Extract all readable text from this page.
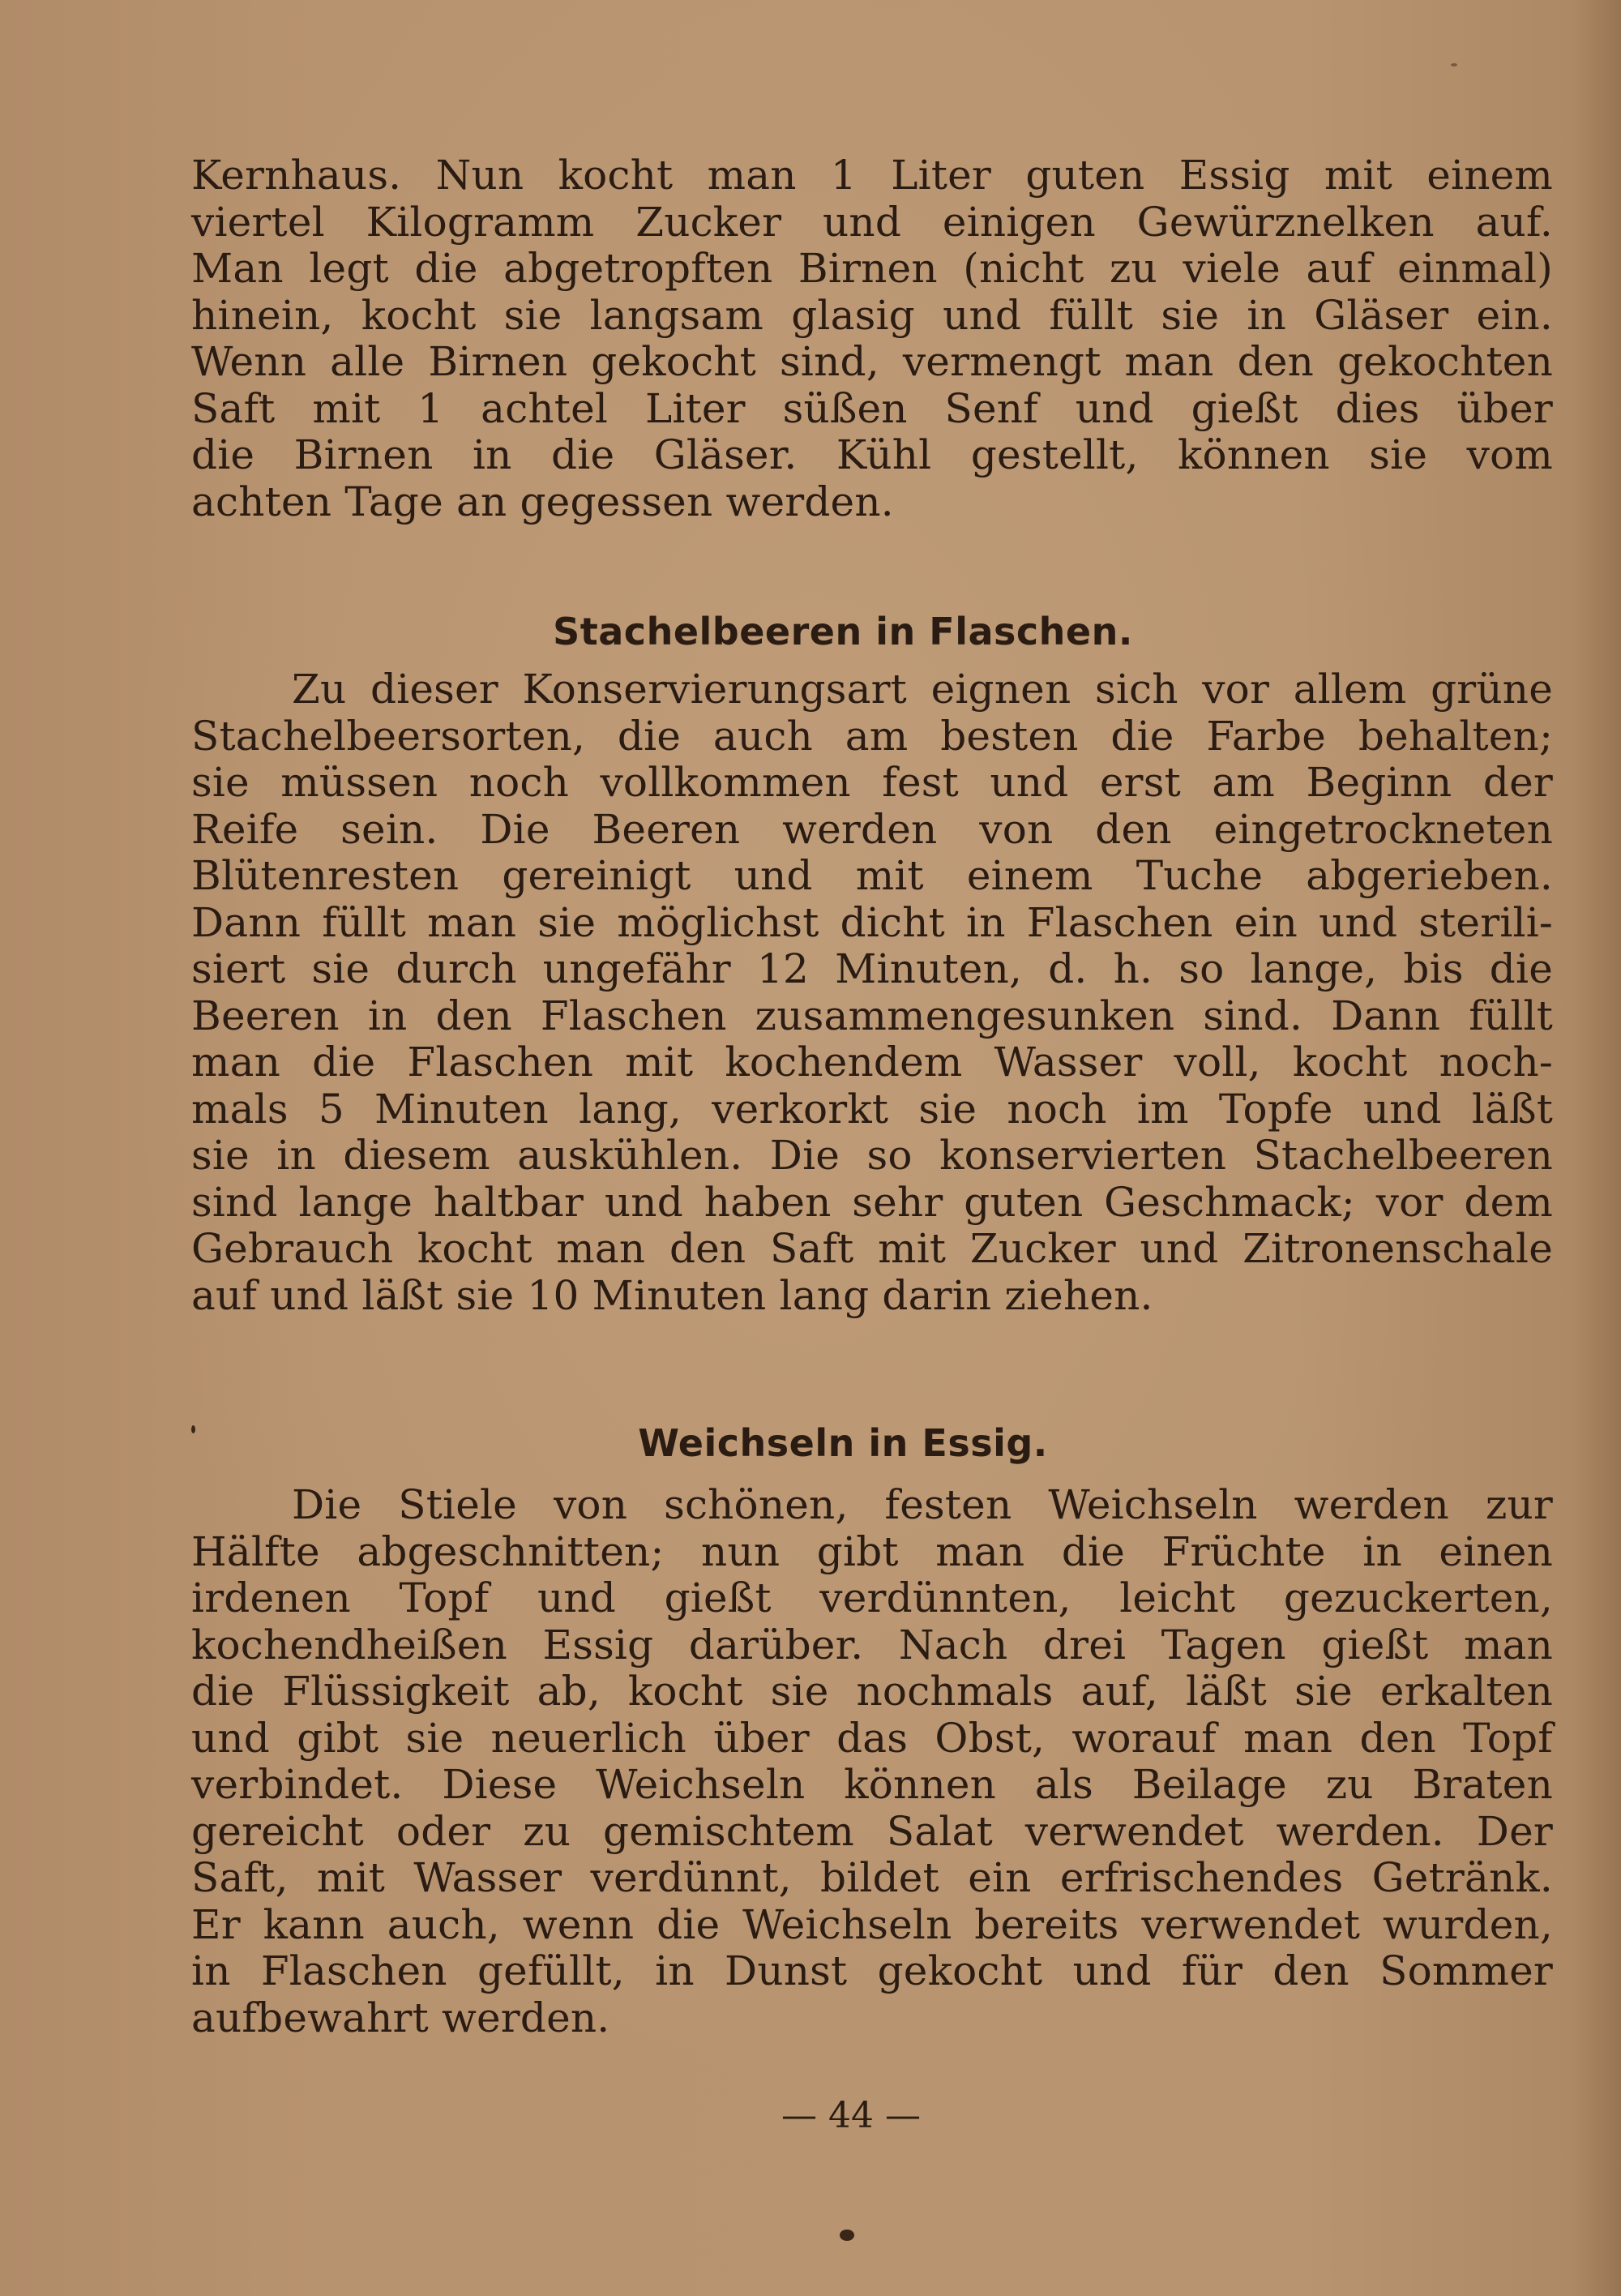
Kernhaus. Nun kocht man 1 Liter guten Essig mit einem
viertel Kilogramm Zucker und einigen Gewürznelken auf.
Man legt die abgetropften Birnen (nicht zu viele auf einmal)
hinein, kocht sie langsam glasig und füllt sie in Gläser ein.
Wenn alle Birnen gekocht sind, vermengt man den gekochten
Saft mit 1 achtel Liter süßen Senf und gießt dies über
die Birnen in die Gläser. Kühl gestellt, können sie vom
achten Tage an gegessen werden.
Stachelbeeren in Flaschen.
Zu dieser Konservierungsart eignen sich vor allem grüne
Stachelbeersorten, die auch am besten die Farbe behalten;
sie müssen noch vollkommen fest und erst am Beginn der
Reife sein. Die Beeren werden von den eingetrockneten
Blütenresten gereinigt und mit einem Tuche abgerieben.
Dann füllt man sie möglichst dicht in Flaschen ein und sterili-
siert sie durch ungefähr 12 Minuten, d. h. so lange, bis die
Beeren in den Flaschen zusammengesunken sind. Dann füllt
man die Flaschen mit kochendem Wasser voll, kocht noch-
mals 5 Minuten lang, verkorkt sie noch im Topfe und läßt
sie in diesem auskühlen. Die so konservierten Stachelbeeren
sind lange haltbar und haben sehr guten Geschmack; vor dem
Gebrauch kocht man den Saft mit Zucker und Zitronenschale
auf und läßt sie 10 Minuten lang darin ziehen.
Weichseln in Essig.
Die Stiele von schönen, festen Weichseln werden zur
Hälfte abgeschnitten; nun gibt man die Früchte in einen
irdenen Topf und gießt verdünnten, leicht gezuckerten,
kochendheißen Essig darüber. Nach drei Tagen gießt man
die Flüssigkeit ab, kocht sie nochmals auf, läßt sie erkalten
und gibt sie neuerlich über das Obst, worauf man den Topf
verbindet. Diese Weichseln können als Beilage zu Braten
gereicht oder zu gemischtem Salat verwendet werden. Der
Saft, mit Wasser verdünnt, bildet ein erfrischendes Getränk.
Er kann auch, wenn die Weichseln bereits verwendet wurden,
in Flaschen gefüllt, in Dunst gekocht und für den Sommer
aufbewahrt werden.
— 44 —
